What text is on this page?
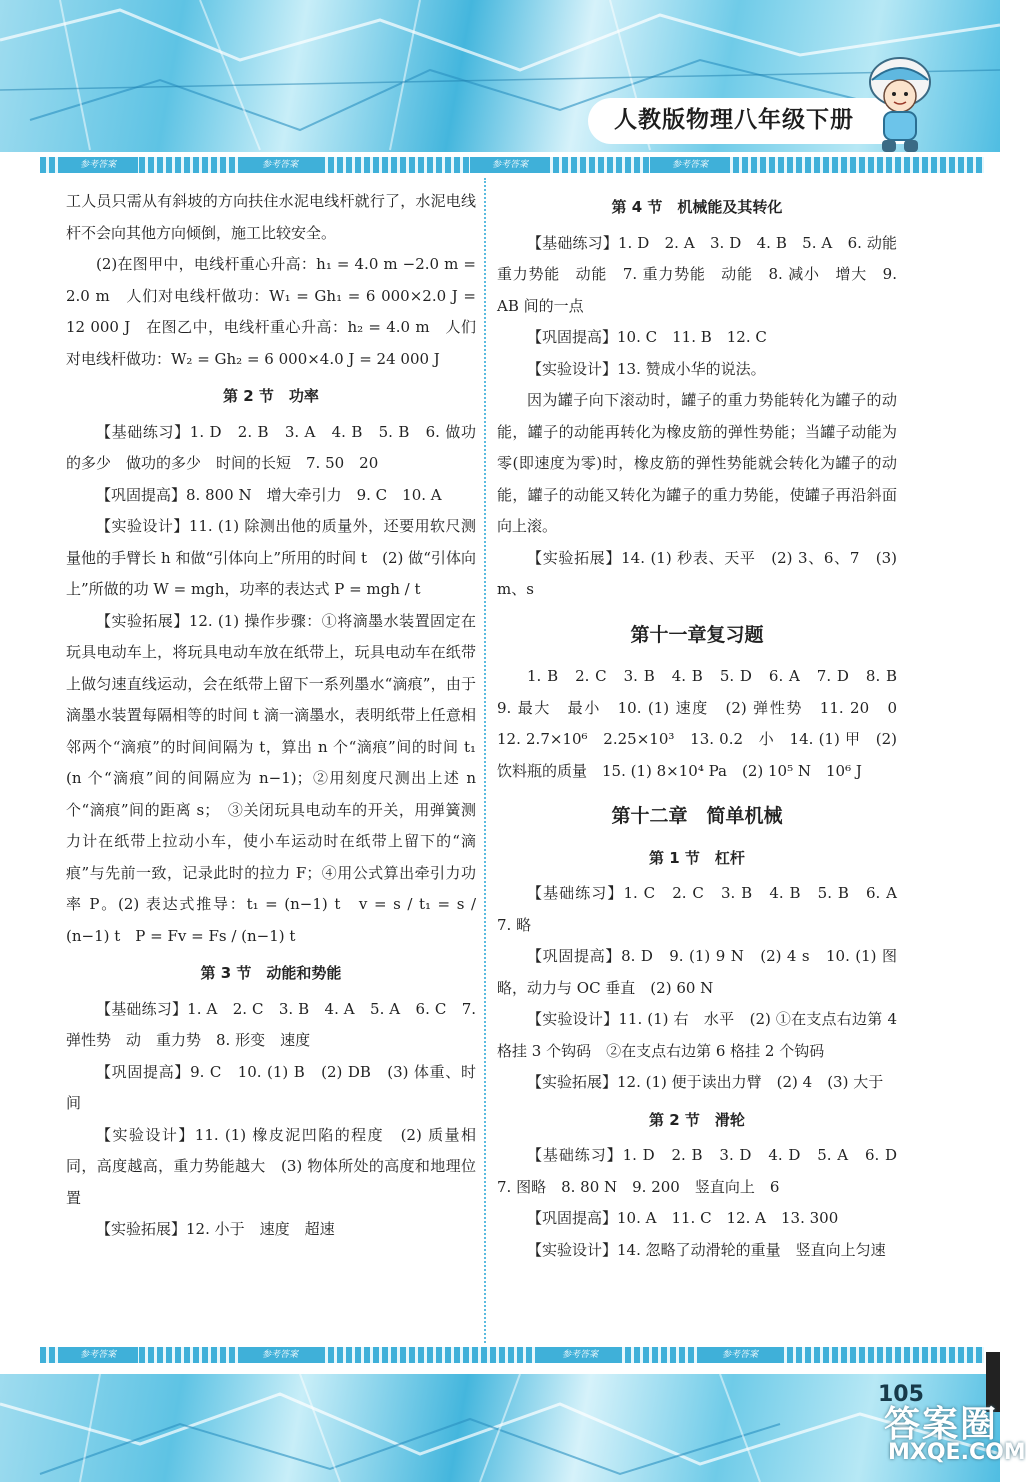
人教版物理八年级下册
参考答案	参考答案	参考答案	参考答案

工人员只需从有斜坡的方向扶住水泥电线杆就行了，水泥电线杆不会向其他方向倾倒，施工比较安全。

(2)在图甲中，电线杆重心升高：h₁ = 4.0 m −2.0 m = 2.0 m　人们对电线杆做功：W₁ = Gh₁ = 6 000×2.0 J = 12 000 J　在图乙中，电线杆重心升高：h₂ = 4.0 m　人们对电线杆做功：W₂ = Gh₂ = 6 000×4.0 J = 24 000 J

第 2 节　功率

【基础练习】1. D　2. B　3. A　4. B　5. B　6. 做功的多少　做功的多少　时间的长短　7. 50　20

【巩固提高】8. 800 N　增大牵引力　9. C　10. A

【实验设计】11. (1) 除测出他的质量外，还要用软尺测量他的手臂长 h 和做“引体向上”所用的时间 t　(2) 做“引体向上”所做的功 W = mgh，功率的表达式 P = mgh / t

【实验拓展】12. (1) 操作步骤：①将滴墨水装置固定在玩具电动车上，将玩具电动车放在纸带上，玩具电动车在纸带上做匀速直线运动，会在纸带上留下一系列墨水“滴痕”，由于滴墨水装置每隔相等的时间 t 滴一滴墨水，表明纸带上任意相邻两个“滴痕”的时间间隔为 t，算出 n 个“滴痕”间的时间 t₁ (n 个“滴痕”间的间隔应为 n−1)；②用刻度尺测出上述 n 个“滴痕”间的距离 s；　③关闭玩具电动车的开关，用弹簧测力计在纸带上拉动小车，使小车运动时在纸带上留下的“滴痕”与先前一致，记录此时的拉力 F；④用公式算出牵引力功率 P。(2) 表达式推导：t₁ = (n−1) t　v = s / t₁ = s / (n−1) t　P = Fv = Fs / (n−1) t

第 3 节　动能和势能

【基础练习】1. A　2. C　3. B　4. A　5. A　6. C　7. 弹性势　动　重力势　8. 形变　速度

【巩固提高】9. C　10. (1) B　(2) DB　(3) 体重、时间

【实验设计】11. (1) 橡皮泥凹陷的程度　(2) 质量相同，高度越高，重力势能越大　(3) 物体所处的高度和地理位置

【实验拓展】12. 小于　速度　超速

第 4 节　机械能及其转化

【基础练习】1. D　2. A　3. D　4. B　5. A　6. 动能　重力势能　动能　7. 重力势能　动能　8. 减小　增大　9. AB 间的一点

【巩固提高】10. C　11. B　12. C

【实验设计】13. 赞成小华的说法。

因为罐子向下滚动时，罐子的重力势能转化为罐子的动能，罐子的动能再转化为橡皮筋的弹性势能；当罐子动能为零(即速度为零)时，橡皮筋的弹性势能就会转化为罐子的动能，罐子的动能又转化为罐子的重力势能，使罐子再沿斜面向上滚。

【实验拓展】14. (1) 秒表、天平　(2) 3、6、7　(3) m、s

第十一章复习题

1. B　2. C　3. B　4. B　5. D　6. A　7. D　8. B　9. 最大　最小　10. (1) 速度　(2) 弹性势　11. 20　0　12. 2.7×10⁶　2.25×10³　13. 0.2　小　14. (1) 甲　(2) 饮料瓶的质量　15. (1) 8×10⁴ Pa　(2) 10⁵ N　10⁶ J

第十二章　简单机械

第 1 节　杠杆

【基础练习】1. C　2. C　3. B　4. B　5. B　6. A　7. 略

【巩固提高】8. D　9. (1) 9 N　(2) 4 s　10. (1) 图略，动力与 OC 垂直　(2) 60 N

【实验设计】11. (1) 右　水平　(2) ①在支点右边第 4 格挂 3 个钩码　②在支点右边第 6 格挂 2 个钩码

【实验拓展】12. (1) 便于读出力臂　(2) 4　(3) 大于

第 2 节　滑轮

【基础练习】1. D　2. B　3. D　4. D　5. A　6. D　7. 图略　8. 80 N　9. 200　竖直向上　6

【巩固提高】10. A　11. C　12. A　13. 300

【实验设计】14. 忽略了动滑轮的重量　竖直向上匀速

参考答案	参考答案	参考答案	参考答案
105
答案圈
MXQE.COM
